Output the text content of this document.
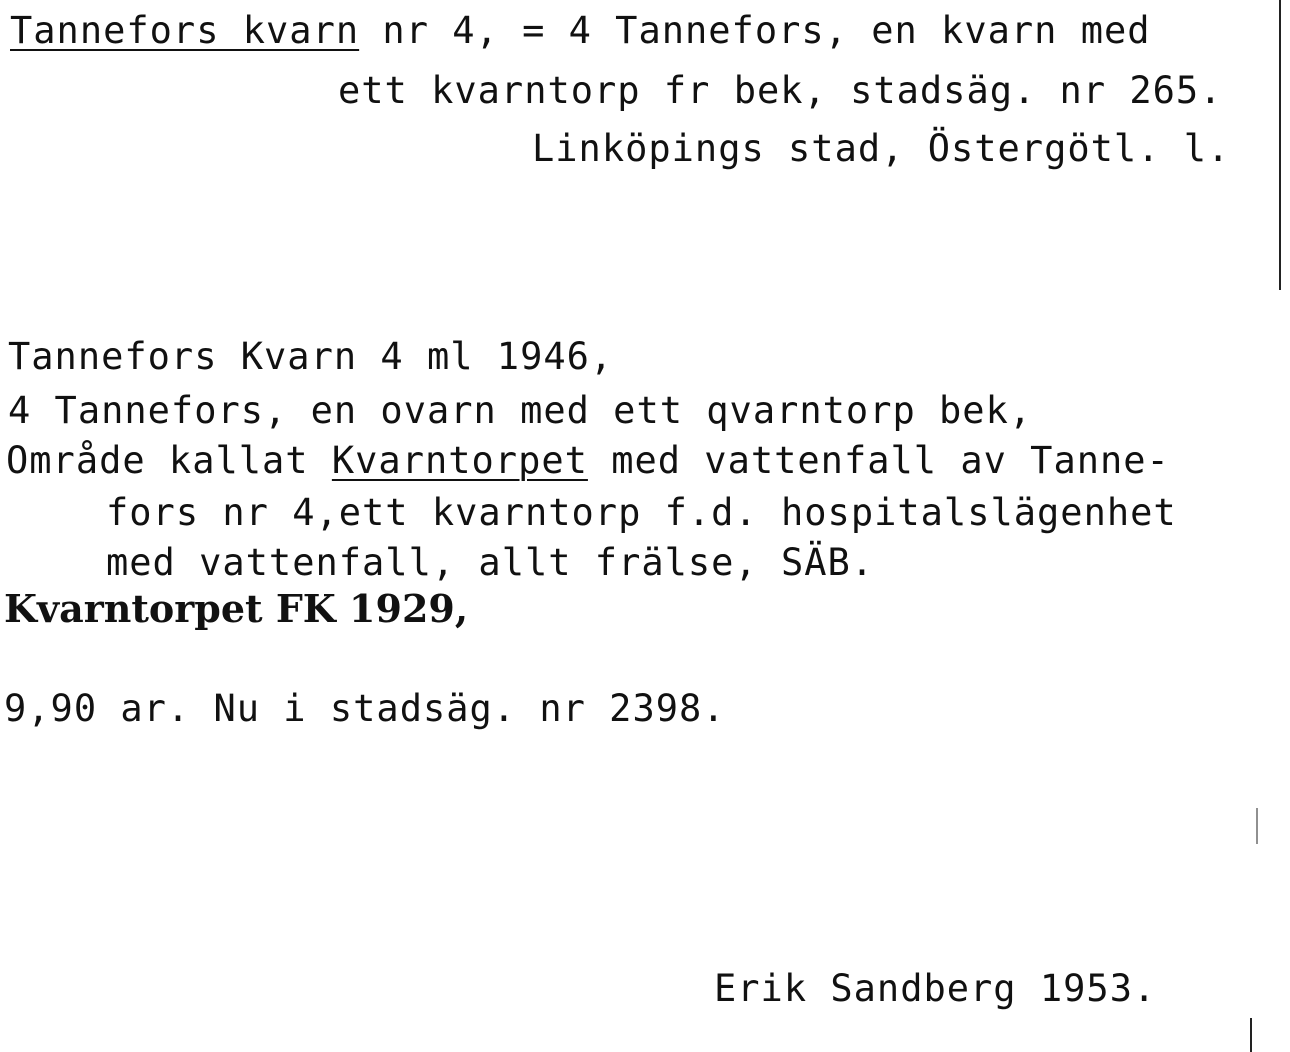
Tannefors kvarn nr 4, = 4 Tannefors, en kvarn med
ett kvarntorp fr bek, stadsäg. nr 265.
Linköpings stad, Östergötl. l.
Tannefors Kvarn 4 ml 1946,
4 Tannefors, en ovarn med ett qvarntorp bek,
Område kallat Kvarntorpet med vattenfall av Tanne-
fors nr 4,ett kvarntorp f.d. hospitalslägenhet
med vattenfall, allt frälse, SÄB.
Kvarntorpet FK 1929,
9,90 ar. Nu i stadsäg. nr 2398.
Erik Sandberg 1953.
